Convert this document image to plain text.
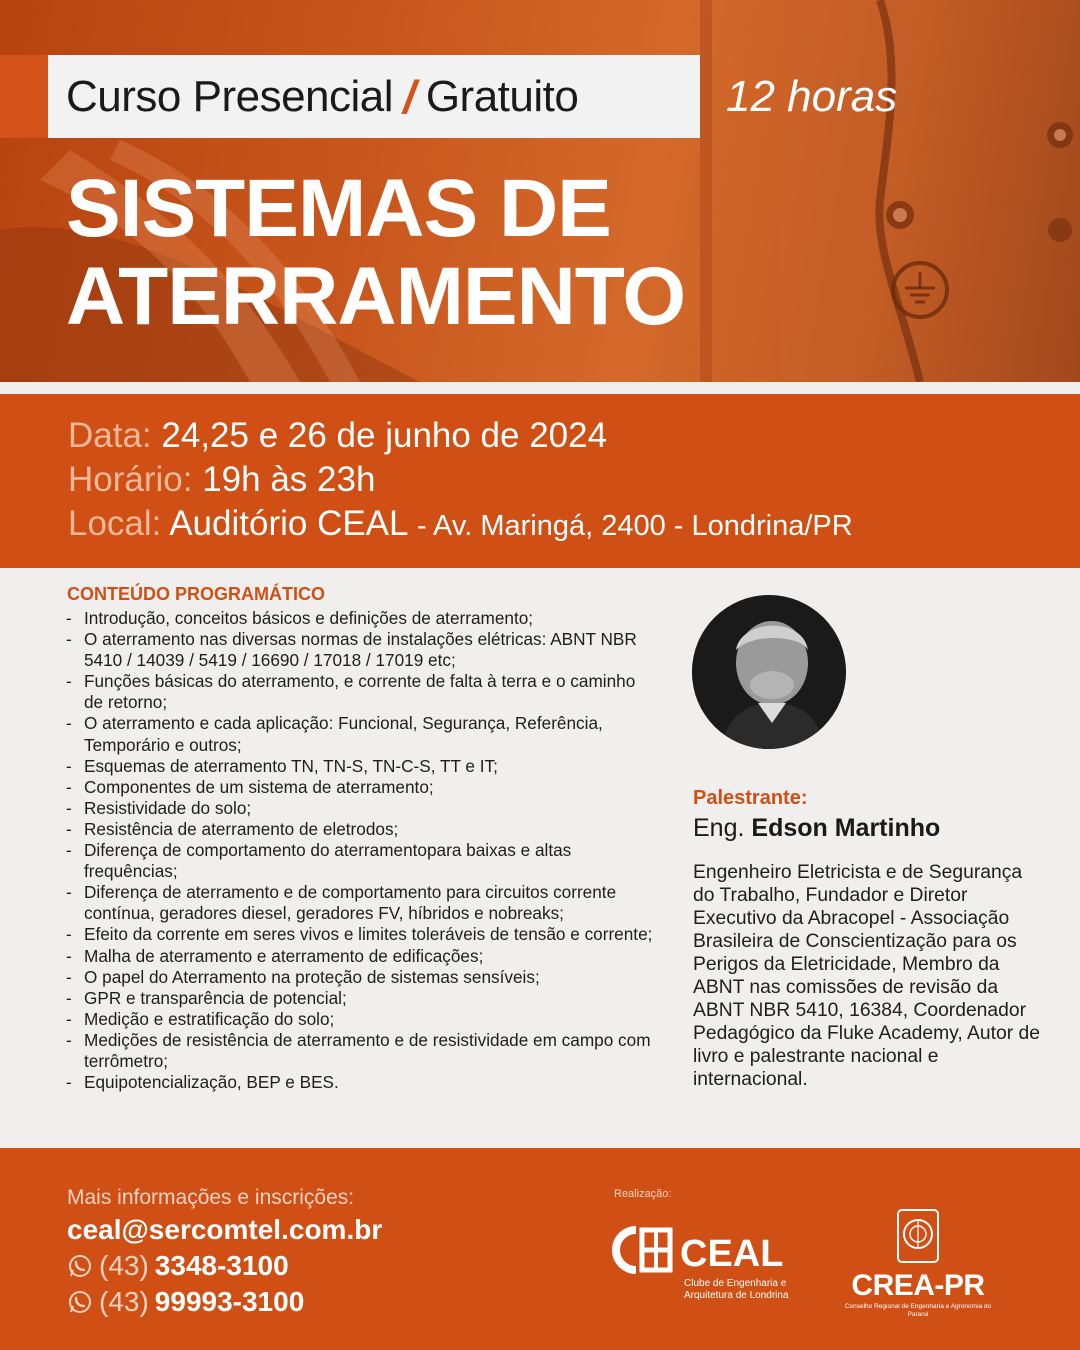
Curso Presencial / Gratuito	12 horas
SISTEMAS DE
ATERRAMENTO
Data: 24,25 e 26 de junho de 2024
Horário: 19h às 23h
Local: Auditório CEAL - Av. Maringá, 2400 - Londrina/PR
CONTEÚDO PROGRAMÁTICO
- Introdução, conceitos básicos e definições de aterramento;
- O aterramento nas diversas normas de instalações elétricas: ABNT NBR 5410 / 14039 / 5419 / 16690 / 17018 / 17019 etc;
- Funções básicas do aterramento, e corrente de falta à terra e o caminho de retorno;
- O aterramento e cada aplicação: Funcional, Segurança, Referência, Temporário e outros;
- Esquemas de aterramento TN, TN-S, TN-C-S, TT e IT;
- Componentes de um sistema de aterramento;
- Resistividade do solo;
- Resistência de aterramento de eletrodos;
- Diferença de comportamento do aterramentopara baixas e altas frequências;
- Diferença de aterramento e de comportamento para circuitos corrente contínua, geradores diesel, geradores FV, híbridos e nobreaks;
- Efeito da corrente em seres vivos e limites toleráveis de tensão e corrente;
- Malha de aterramento e aterramento de edificações;
- O papel do Aterramento na proteção de sistemas sensíveis;
- GPR e transparência de potencial;
- Medição e estratificação do solo;
- Medições de resistência de aterramento e de resistividade em campo com terrômetro;
- Equipotencialização, BEP e BES.
Palestrante:
Eng. Edson Martinho
Engenheiro Eletricista e de Segurança do Trabalho, Fundador e Diretor Executivo da Abracopel - Associação Brasileira de Conscientização para os Perigos da Eletricidade, Membro da ABNT nas comissões de revisão da ABNT NBR 5410, 16384, Coordenador Pedagógico da Fluke Academy, Autor de livro e palestrante nacional e internacional.
Mais informações e inscrições:
ceal@sercomtel.com.br
(43) 3348-3100
(43) 99993-3100
Realização:
CEAL
Clube de Engenharia e Arquitetura de Londrina	CREA-PR
Conselho Regional de Engenharia e Agronomia do Paraná
